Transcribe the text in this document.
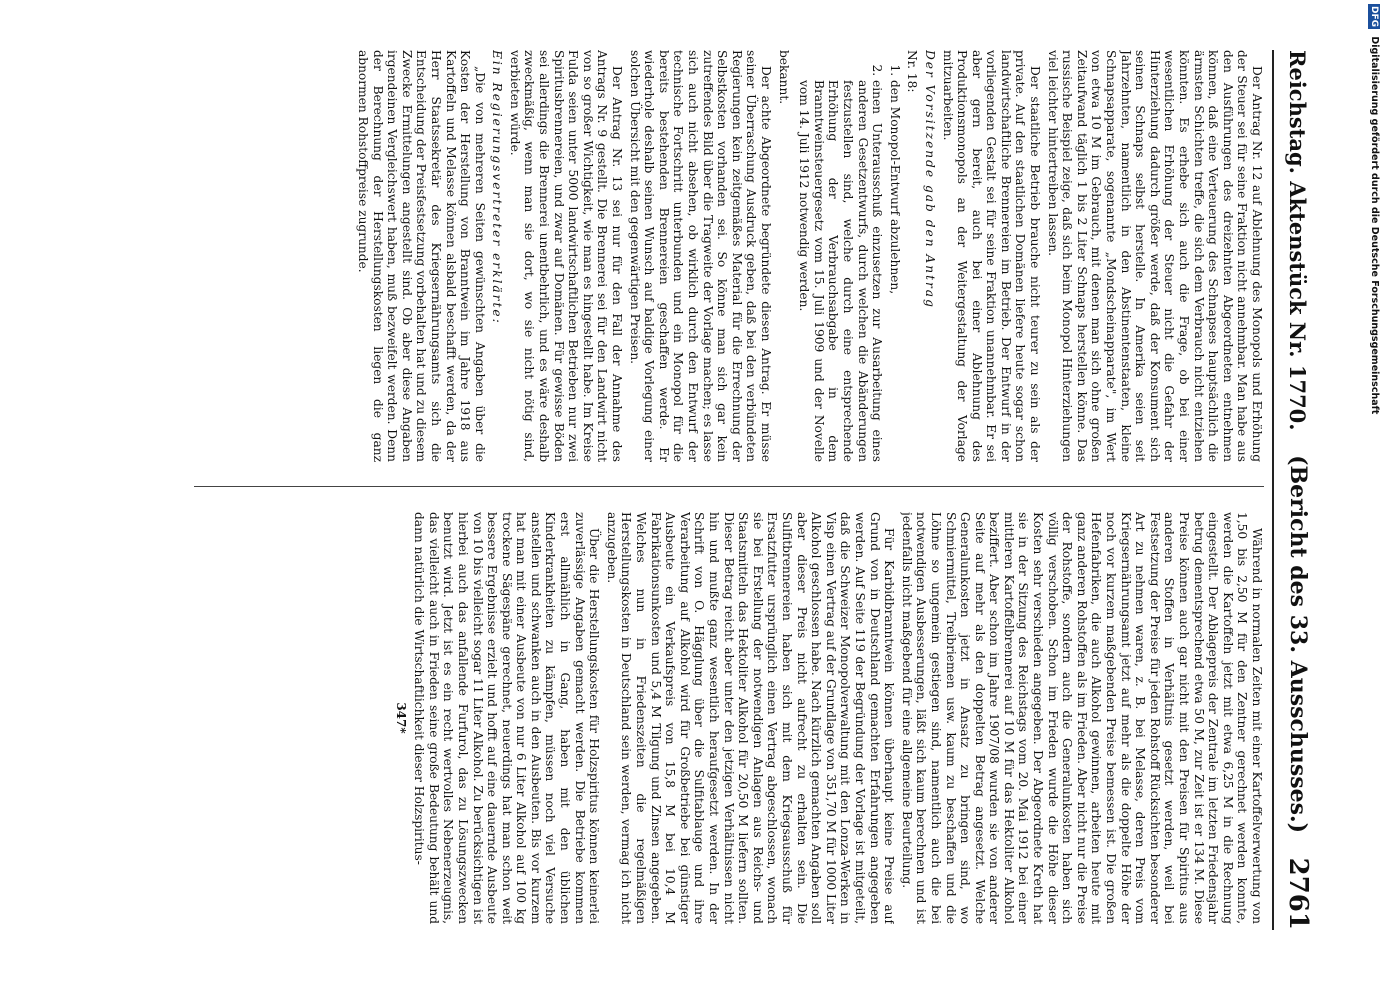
Reichstag. Aktenstück Nr. 1770.
(Bericht des 33. Ausschusses.)
2761

Der Antrag Nr. 12 auf Ablehnung des Monopols und Erhöhung der Steuer sei für seine Fraktion nicht annehmbar. Man habe aus den Ausführungen des dreizehnten Abgeordneten entnehmen können, daß eine Verteuerung des Schnapses hauptsächlich die ärmsten Schichten treffe, die sich dem Verbrauch nicht entziehen könnten. Es erhebe sich auch die Frage, ob bei einer wesentlichen Erhöhung der Steuer nicht die Gefahr der Hinterziehung dadurch größer werde, daß der Konsument sich seinen Schnaps selbst herstelle. In Amerika seien seit Jahrzehnten, namentlich in den Abstinentenstaaten, kleine Schnapsapparate, sogenannte „Mondscheinapparate", im Wert von etwa 10 M im Gebrauch, mit denen man sich ohne großen Zeitaufwand täglich 1 bis 2 Liter Schnaps herstellen könne. Das russische Beispiel zeige, daß sich beim Monopol Hinterziehungen viel leichter hintertreiben lassen.

Der staatliche Betrieb brauche nicht teurer zu sein als der private. Auf den staatlichen Domänen liefere heute sogar schon landwirtschaftliche Brennereien im Betrieb. Der Entwurf in der vorliegenden Gestalt sei für seine Fraktion unannehmbar. Er sei aber gern bereit, auch bei einer Ablehnung des Produktionsmonopols an der Weitergestaltung der Vorlage mitzuarbeiten.

Der Vorsitzende gab den Antrag

Nr. 18:

1. den Monopol-Entwurf abzulehnen,
2. einen Unterausschuß einzusetzen zur Ausarbeitung eines anderen Gesetzentwurfs, durch welchen die Abänderungen festzustellen sind, welche durch eine entsprechende Erhöhung der Verbrauchsabgabe in dem Branntweinsteuergesetz vom 15. Juli 1909 und der Novelle vom 14. Juli 1912 notwendig werden.

bekannt.

Der achte Abgeordnete begründete diesen Antrag. Er müsse seiner Überraschung Ausdruck geben, daß bei den verbündeten Regierungen kein zeitgemäßes Material für die Errechnung der Selbstkosten vorhanden sei. So könne man sich gar kein zutreffendes Bild über die Tragweite der Vorlage machen; es lasse sich auch nicht absehen, ob wirklich durch den Entwurf der technische Fortschritt unterbunden und ein Monopol für die bereits bestehenden Brennereien geschaffen werde. Er wiederhole deshalb seinen Wunsch auf baldige Vorlegung einer solchen Übersicht mit den gegenwärtigen Preisen.

Der Antrag Nr. 13 sei nur für den Fall der Annahme des Antrags Nr. 9 gestellt. Die Brennerei sei für den Landwirt nicht von so großer Wichtigkeit, wie man es hingestellt habe. Im Kreise Fulda seien unter 5000 landwirtschaftlichen Betrieben nur zwei Spiritusbrennereien, und zwar auf Domänen. Für gewisse Böden sei allerdings die Brennerei unentbehrlich, und es wäre deshalb zweckmäßig, wenn man sie dort, wo sie nicht nötig sind, verbieten würde.

Ein Regierungsvertreter erklärte:

„Die von mehreren Seiten gewünschten Angaben über die Kosten der Herstellung von Branntwein im Jahre 1918 aus Kartoffeln und Melasse können alsbald beschafft werden, da der Herr Staatssekretär des Kriegsernährungsamts sich die Entscheidung der Preisfestsetzung vorbehalten hat und zu diesem Zwecke Ermittelungen angestellt sind. Ob aber diese Angaben irgendeinen Vergleichswert haben, muß bezweifelt werden. Denn der Berechnung der Herstellungskosten liegen die ganz abnormen Rohstoffpreise zugrunde.

Während in normalen Zeiten mit einer Kartoffelverwertung von 1,50 bis 2,50 M für den Zentner gerechnet werden konnte, werden die Kartoffeln jetzt mit etwa 6,25 M in die Rechnung eingestellt. Der Ablagepreis der Zentrale im letzten Friedensjahr betrug dementsprechend etwa 50 M, zur Zeit ist er 134 M. Diese Preise können auch gar nicht mit den Preisen für Spiritus aus anderen Stoffen in Verhältnis gesetzt werden, weil bei Festsetzung der Preise für jeden Rohstoff Rücksichten besonderer Art zu nehmen waren, z. B. bei Melasse, deren Preis vom Kriegsernährungsamt jetzt auf mehr als die doppelte Höhe der noch vor kurzem maßgebenden Preise bemessen ist. Die großen Hefenfabriken, die auch Alkohol gewinnen, arbeiten heute mit ganz anderen Rohstoffen als im Frieden. Aber nicht nur die Preise der Rohstoffe, sondern auch die Generalunkosten haben sich völlig verschoben. Schon im Frieden wurde die Höhe dieser Kosten sehr verschieden angegeben. Der Abgeordnete Kreth hat sie in der Sitzung des Reichstags vom 20. Mai 1912 bei einer mittleren Kartoffelbrennerei auf 10 M für das Hektoliter Alkohol beziffert. Aber schon im Jahre 1907/08 wurden sie von anderer Seite auf mehr als den doppelten Betrag angesetzt. Welche Generalunkosten jetzt in Ansatz zu bringen sind, wo Schmiermittel, Treibriemen usw. kaum zu beschaffen und die Löhne so ungemein gestiegen sind, namentlich auch die bei notwendigen Ausbesserungen, läßt sich kaum berechnen und ist jedenfalls nicht maßgebend für eine allgemeine Beurteilung.

Für Karbidbranntwein können überhaupt keine Preise auf Grund von in Deutschland gemachten Erfahrungen angegeben werden. Auf Seite 119 der Begründung der Vorlage ist mitgeteilt, daß die Schweizer Monopolverwaltung mit den Lonza-Werken in Visp einen Vertrag auf der Grundlage von 351,70 M für 1000 Liter Alkohol geschlossen habe. Nach kürzlich gemachten Angaben soll aber dieser Preis nicht aufrecht zu erhalten sein. Die Sulfitbrennereien haben sich mit dem Kriegsausschuß für Ersatzfutter ursprünglich einen Vertrag abgeschlossen, wonach sie bei Erstellung der notwendigen Anlagen aus Reichs- und Staatsmitteln das Hektoliter Alkohol für 20,50 M liefern sollten. Dieser Betrag reicht aber unter den jetzigen Verhältnissen nicht hin und mußte ganz wesentlich heraufgesetzt werden. In der Schrift von O. Hägglung über die Sulfitablauge und ihre Verarbeitung auf Alkohol wird für Großbetriebe bei günstiger Ausbeute ein Verkaufspreis von 15,8 M bei 10,4 M Fabrikationsunkosten und 5,4 M Tilgung und Zinsen angegeben. Welches nun in Friedenszeiten die regelmäßigen Herstellungskosten in Deutschland sein werden, vermag ich nicht anzugeben.

Über die Herstellungskosten für Holzspiritus können keinerlei zuverlässige Angaben gemacht werden. Die Betriebe kommen erst allmählich in Gang, haben mit den üblichen Kinderkrankheiten zu kämpfen, müssen noch viel Versuche anstellen und schwanken auch in den Ausbeuten. Bis vor kurzem hat man mit einer Ausbeute von nur 6 Liter Alkohol auf 100 kg trockene Sägespäne gerechnet, neuerdings hat man schon weit bessere Ergebnisse erzielt und hofft auf eine dauernde Ausbeute von 10 bis vielleicht sogar 11 Liter Alkohol. Zu berücksichtigen ist hierbei auch das anfallende Furfurol, das zu Lösungszwecken benutzt wird. Jetzt ist es ein recht wertvolles Nebenerzeugnis, das vielleicht auch in Frieden seine große Bedeutung behält und dann natürlich die Wirtschaftlichkeit dieser Holzspiritus-

347*
DFG Digitalisierung gefördert durch die Deutsche Forschungsgemeinschaft
